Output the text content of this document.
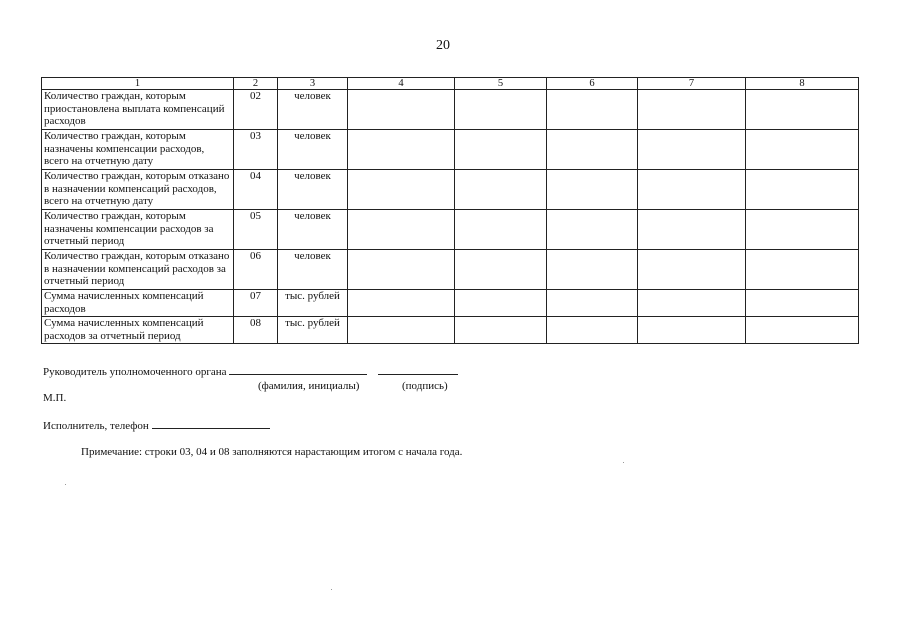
20
1	2	3	4	5	6	7	8
Количество граждан, которым приостановлена выплата компенсаций расходов	02	человек					
Количество граждан, которым назначены компенсации расходов, всего на отчетную дату	03	человек					
Количество граждан, которым отказано в назначении компенсаций расходов, всего на отчетную дату	04	человек					
Количество граждан, которым назначены компенсации расходов за отчетный период	05	человек					
Количество граждан, которым отказано в назначении компенсаций расходов за отчетный период	06	человек					
Сумма начисленных компенсаций расходов	07	тыс. рублей					
Сумма начисленных компенсаций расходов за отчетный период	08	тыс. рублей					
Руководитель уполномоченного органа
(фамилия, инициалы)	(подпись)
М.П.
Исполнитель, телефон
Примечание: строки 03, 04 и 08 заполняются нарастающим итогом с начала года.
